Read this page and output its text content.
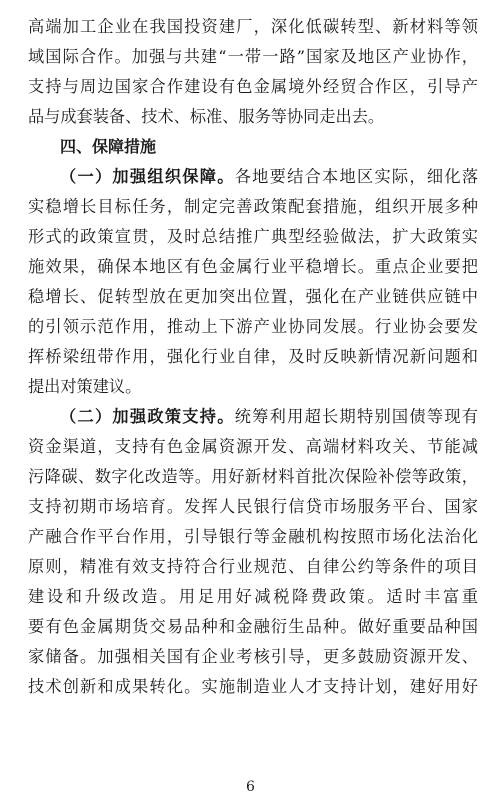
高端加工企业在我国投资建厂，深化低碳转型、新材料等领
域国际合作。加强与共建“一带一路”国家及地区产业协作，
支持与周边国家合作建设有色金属境外经贸合作区，引导产
品与成套装备、技术、标准、服务等协同走出去。
四、保障措施
（一）加强组织保障。各地要结合本地区实际，细化落
实稳增长目标任务，制定完善政策配套措施，组织开展多种
形式的政策宣贯，及时总结推广典型经验做法，扩大政策实
施效果，确保本地区有色金属行业平稳增长。重点企业要把
稳增长、促转型放在更加突出位置，强化在产业链供应链中
的引领示范作用，推动上下游产业协同发展。行业协会要发
挥桥梁纽带作用，强化行业自律，及时反映新情况新问题和
提出对策建议。
（二）加强政策支持。统筹利用超长期特别国债等现有
资金渠道，支持有色金属资源开发、高端材料攻关、节能减
污降碳、数字化改造等。用好新材料首批次保险补偿等政策，
支持初期市场培育。发挥人民银行信贷市场服务平台、国家
产融合作平台作用，引导银行等金融机构按照市场化法治化
原则，精准有效支持符合行业规范、自律公约等条件的项目
建设和升级改造。用足用好减税降费政策。适时丰富重
要有色金属期货交易品种和金融衍生品种。做好重要品种国
家储备。加强相关国有企业考核引导，更多鼓励资源开发、
技术创新和成果转化。实施制造业人才支持计划，建好用好
6
